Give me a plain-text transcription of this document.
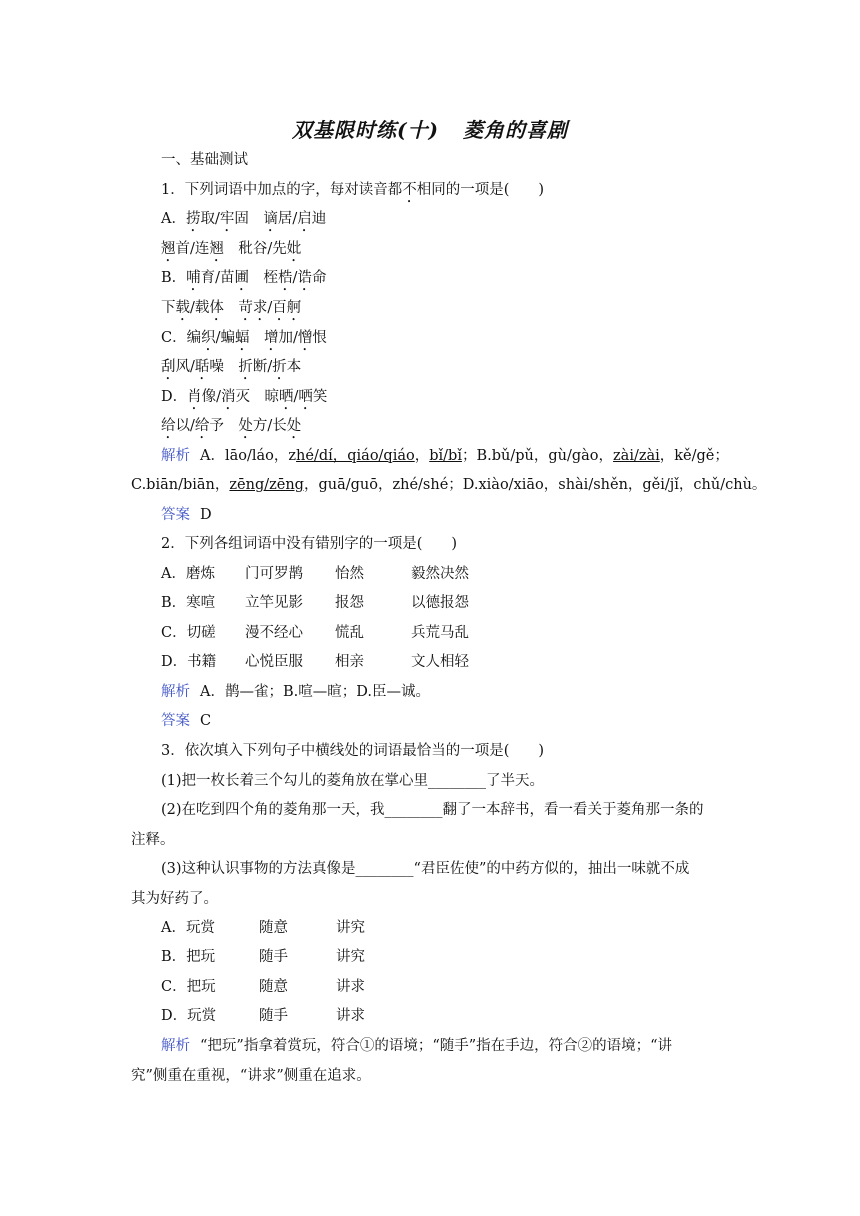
双基限时练(十) 菱角的喜剧
一、基础测试
1．下列词语中加点的字，每对读音都不相同的一项是(　　)
A．捞取/牢固　谪居/启迪
翘首/连翘　秕谷/先妣
B．哺育/苗圃　桎梏/诰命
下载/载体　苛求/百舸
C．编织/蝙蝠　 增加/憎恨
刮风/聒噪　折断/折本
D．肖像/消灭　晾晒/哂笑
给以/给予　处方/长处
解析 A．lāo/láo，zhé/dí，qiáo/qiáo，bǐ/bǐ；B.bǔ/pǔ，gù/gào，zài/zài，kě/gě；
C.biān/biān，zēng/zēng，guā/guō，zhé/shé；D.xiào/xiāo，shài/shěn，gěi/jǐ，chǔ/chù。
答案 D
2．下列各组词语中没有错别字的一项是(　　)
A．磨炼 门可罗鹊 怡然	毅然决然
B．寒喧 立竿见影 报怨	以德报怨
C．切磋 漫不经心 慌乱	兵荒马乱
D．书籍 心悦臣服 相亲	文人相轻
解析 A．鹊—雀；B.喧—暄；D.臣—诚。
答案 C
3．依次填入下列句子中横线处的词语最恰当的一项是(　　)
(1)把一枚长着三个勾儿的菱角放在掌心里________了半天。
(2)在吃到四个角的菱角那一天，我________翻了一本辞书，看一看关于菱角那一条的
注释。
(3)这种认识事物的方法真像是________“君臣佐使”的中药方似的，抽出一味就不成
其为好药了。
A．玩赏	随意	讲究
B．把玩	随手	讲究
C．把玩	随意	讲求
D．玩赏	随手	讲求
解析 “把玩”指拿着赏玩，符合①的语境；“随手”指在手边，符合②的语境；“讲
究”侧重在重视，“讲求”侧重在追求。
